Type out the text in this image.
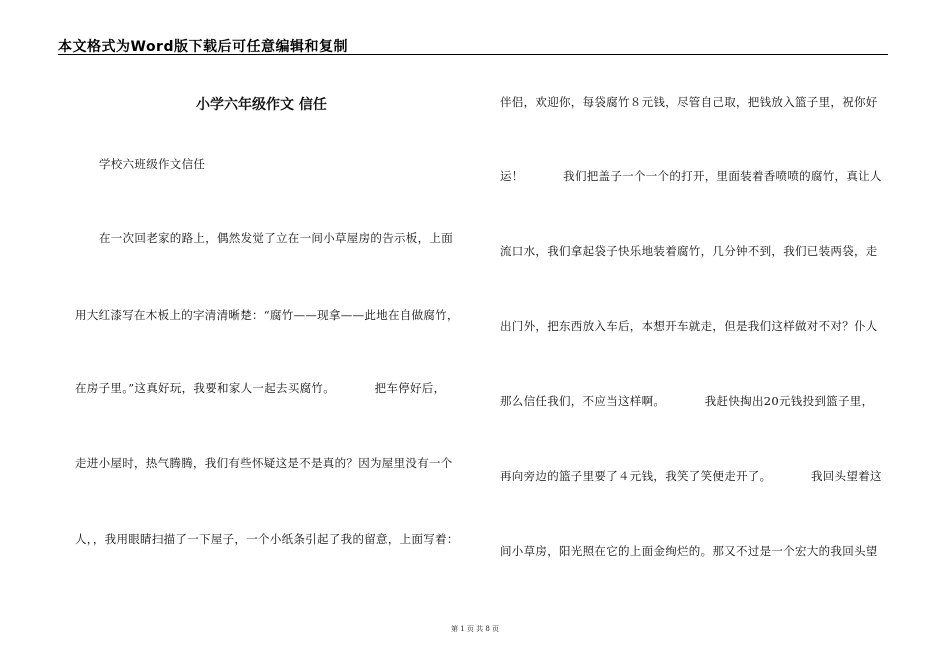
本文格式为Word版下载后可任意编辑和复制
小学六年级作文 信任
学校六班级作文信任
在一次回老家的路上，偶然发觉了立在一间小草屋房的告示板，上面
用大红漆写在木板上的字清清晰楚：“腐竹——现拿——此地在自做腐竹，
在房子里。”这真好玩，我要和家人一起去买腐竹。          把车停好后，
走进小屋时，热气腾腾，我们有些怀疑这是不是真的？因为屋里没有一个
人，，我用眼睛扫描了一下屋子，一个小纸条引起了我的留意，上面写着：
伴侣，欢迎你，每袋腐竹８元钱，尽管自己取，把钱放入篮子里，祝你好
运！          我们把盖子一个一个的打开，里面装着香喷喷的腐竹，真让人
流口水，我们拿起袋子快乐地装着腐竹，几分钟不到，我们已装两袋，走
出门外，把东西放入车后，本想开车就走，但是我们这样做对不对？仆人
那么信任我们，不应当这样啊。          我赶快掏出20元钱投到篮子里，
再向旁边的篮子里要了４元钱，我笑了笑便走开了。          我回头望着这
间小草房，阳光照在它的上面金绚烂的。那又不过是一个宏大的我回头望
第 1 页 共 8 页
